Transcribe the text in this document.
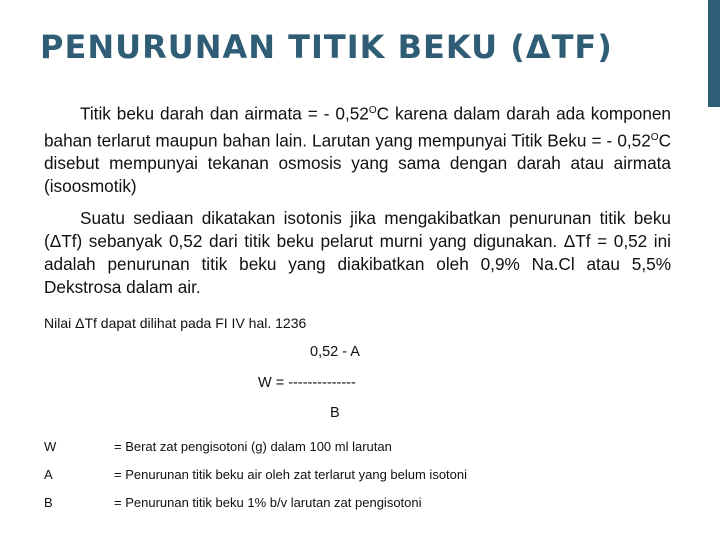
PENURUNAN TITIK BEKU (ΔTF)

Titik beku darah dan airmata = - $0,52^OC$ karena dalam darah ada komponen bahan terlarut maupun bahan lain. Larutan yang mempunyai Titik Beku = - $0,52^OC$ disebut mempunyai tekanan osmosis yang sama dengan darah atau airmata (isoosmotik)

Suatu sediaan dikatakan isotonis jika mengakibatkan penurunan titik beku (ΔTf) sebanyak 0,52 dari titik beku pelarut murni yang digunakan. ΔTf = 0,52 ini adalah penurunan titik beku yang diakibatkan oleh 0,9% Na.Cl atau 5,5% Dekstrosa dalam air.

Nilai ΔTf dapat dilihat pada FI IV hal. 1236

0,52 - A

W = --------------

B

W	= Berat zat pengisotoni (g) dalam 100 ml larutan
A	= Penurunan titik beku air oleh zat terlarut yang belum isotoni
B	= Penurunan titik beku 1% b/v larutan zat pengisotoni
